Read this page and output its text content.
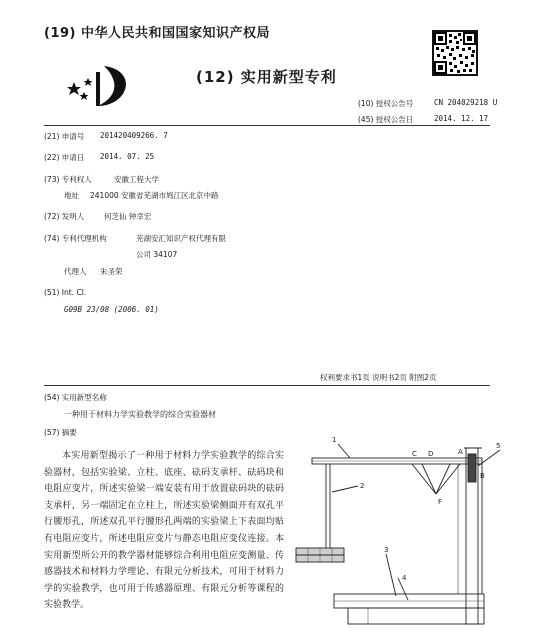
(19) 中华人民共和国国家知识产权局
(12) 实用新型专利
(10) 授权公告号	CN 204029218 U
(45) 授权公告日	2014. 12. 17
(21) 申请号 201420409266. 7
(22) 申请日 2014. 07. 25
(73) 专利权人	安徽工程大学
地址 241000 安徽省芜湖市鸠江区北京中路
(72) 发明人	何芝仙 钟幸宏
(74) 专利代理机构	芜湖安汇知识产权代理有限
公司 34107
代理人 朱圣荣
(51) Int. Cl.
G09B 23/08 (2006. 01)
权利要求书1页 说明书2页 附图2页
(54) 实用新型名称
一种用于材料力学实验教学的综合实验器材
(57) 摘要
本实用新型揭示了一种用于材料力学实验教学的综合实验器材，包括实验梁、立柱、底座、砝码支承杆、砝码块和电阻应变片，所述实验梁一端安装有用于放置砝码块的砝码支承杆，另一端固定在立柱上，所述实验梁侧面开有双孔平行腰形孔，所述双孔平行腰形孔两端的实验梁上下表面均贴有电阻应变片，所述电阻应变片与静态电阻应变仪连接。本实用新型所公开的教学器材能够综合利用电阻应变测量、传感器技术和材料力学理论、有限元分析技术，可用于材料力学的实验教学，也可用于传感器原理、有限元分析等课程的实验教学。
1
2
3
4
5
A
B
C D
F
